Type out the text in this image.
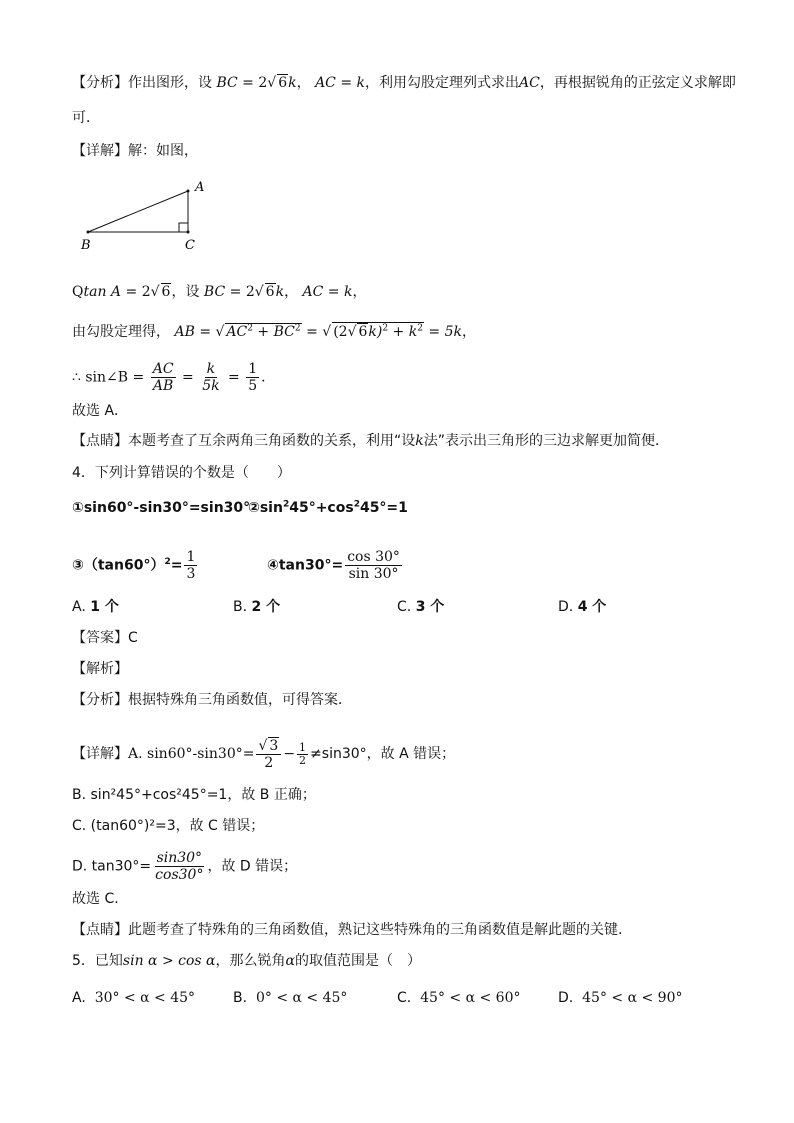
【分析】作出图形，设 BC = 2√ 6k， AC = k，利用勾股定理列式求出AC，再根据锐角的正弦定义求解即
可．
【详解】解：如图，
A
B	C
Qtan A = 2√ 6，设 BC = 2√ 6k， AC = k，
由勾股定理得， AB = √ $AC^2 + BC^2$ = √ (2√ $6k)^2 + k^2 = 5k$，
∴ sin∠B = $\frac{AC}{AB} = \frac{k}{5k} = \frac{1}{5}$ ．
故选 A．
【点睛】本题考查了互余两角三角函数的关系，利用“设k法”表示出三角形的三边求解更加简便．
4．下列计算错误的个数是（　　）
①sin60°-sin30°=sin30°
$②\sin^245^\circ+\cos^245^\circ=1$
$③(\tan 60^\circ)^2= \frac{1}{3}$	④tan30°= $\frac{\cos 30^\circ}{\sin 30^\circ}$
A. 1 个	B. 2 个	C. 3 个	D. 4 个
【答案】C
【解析】
【分析】根据特殊角三角函数值，可得答案．
【详解】A. $\sin 60^\circ-\sin 30^\circ= \frac{√ 3}{2} - \frac{1}{2} \ne\sin 30^\circ$，故 A 错误；
B. sin²45°+cos²45°=1，故 B 正确；
C. (tan60°)²=3，故 C 错误；
D. $\tan 30^\circ= \frac{\sin 30^\circ}{\cos 30^\circ}$ ，故 D 错误；
故选 C.
【点睛】此题考查了特殊角的三角函数值，熟记这些特殊角的三角函数值是解此题的关键.
5．已知sin α > cos α，那么锐角α的取值范围是（　）
A. 30° < α < 45°	B. 0° < α < 45°	C. 45° < α < 60°	D. 45° < α < 90°
